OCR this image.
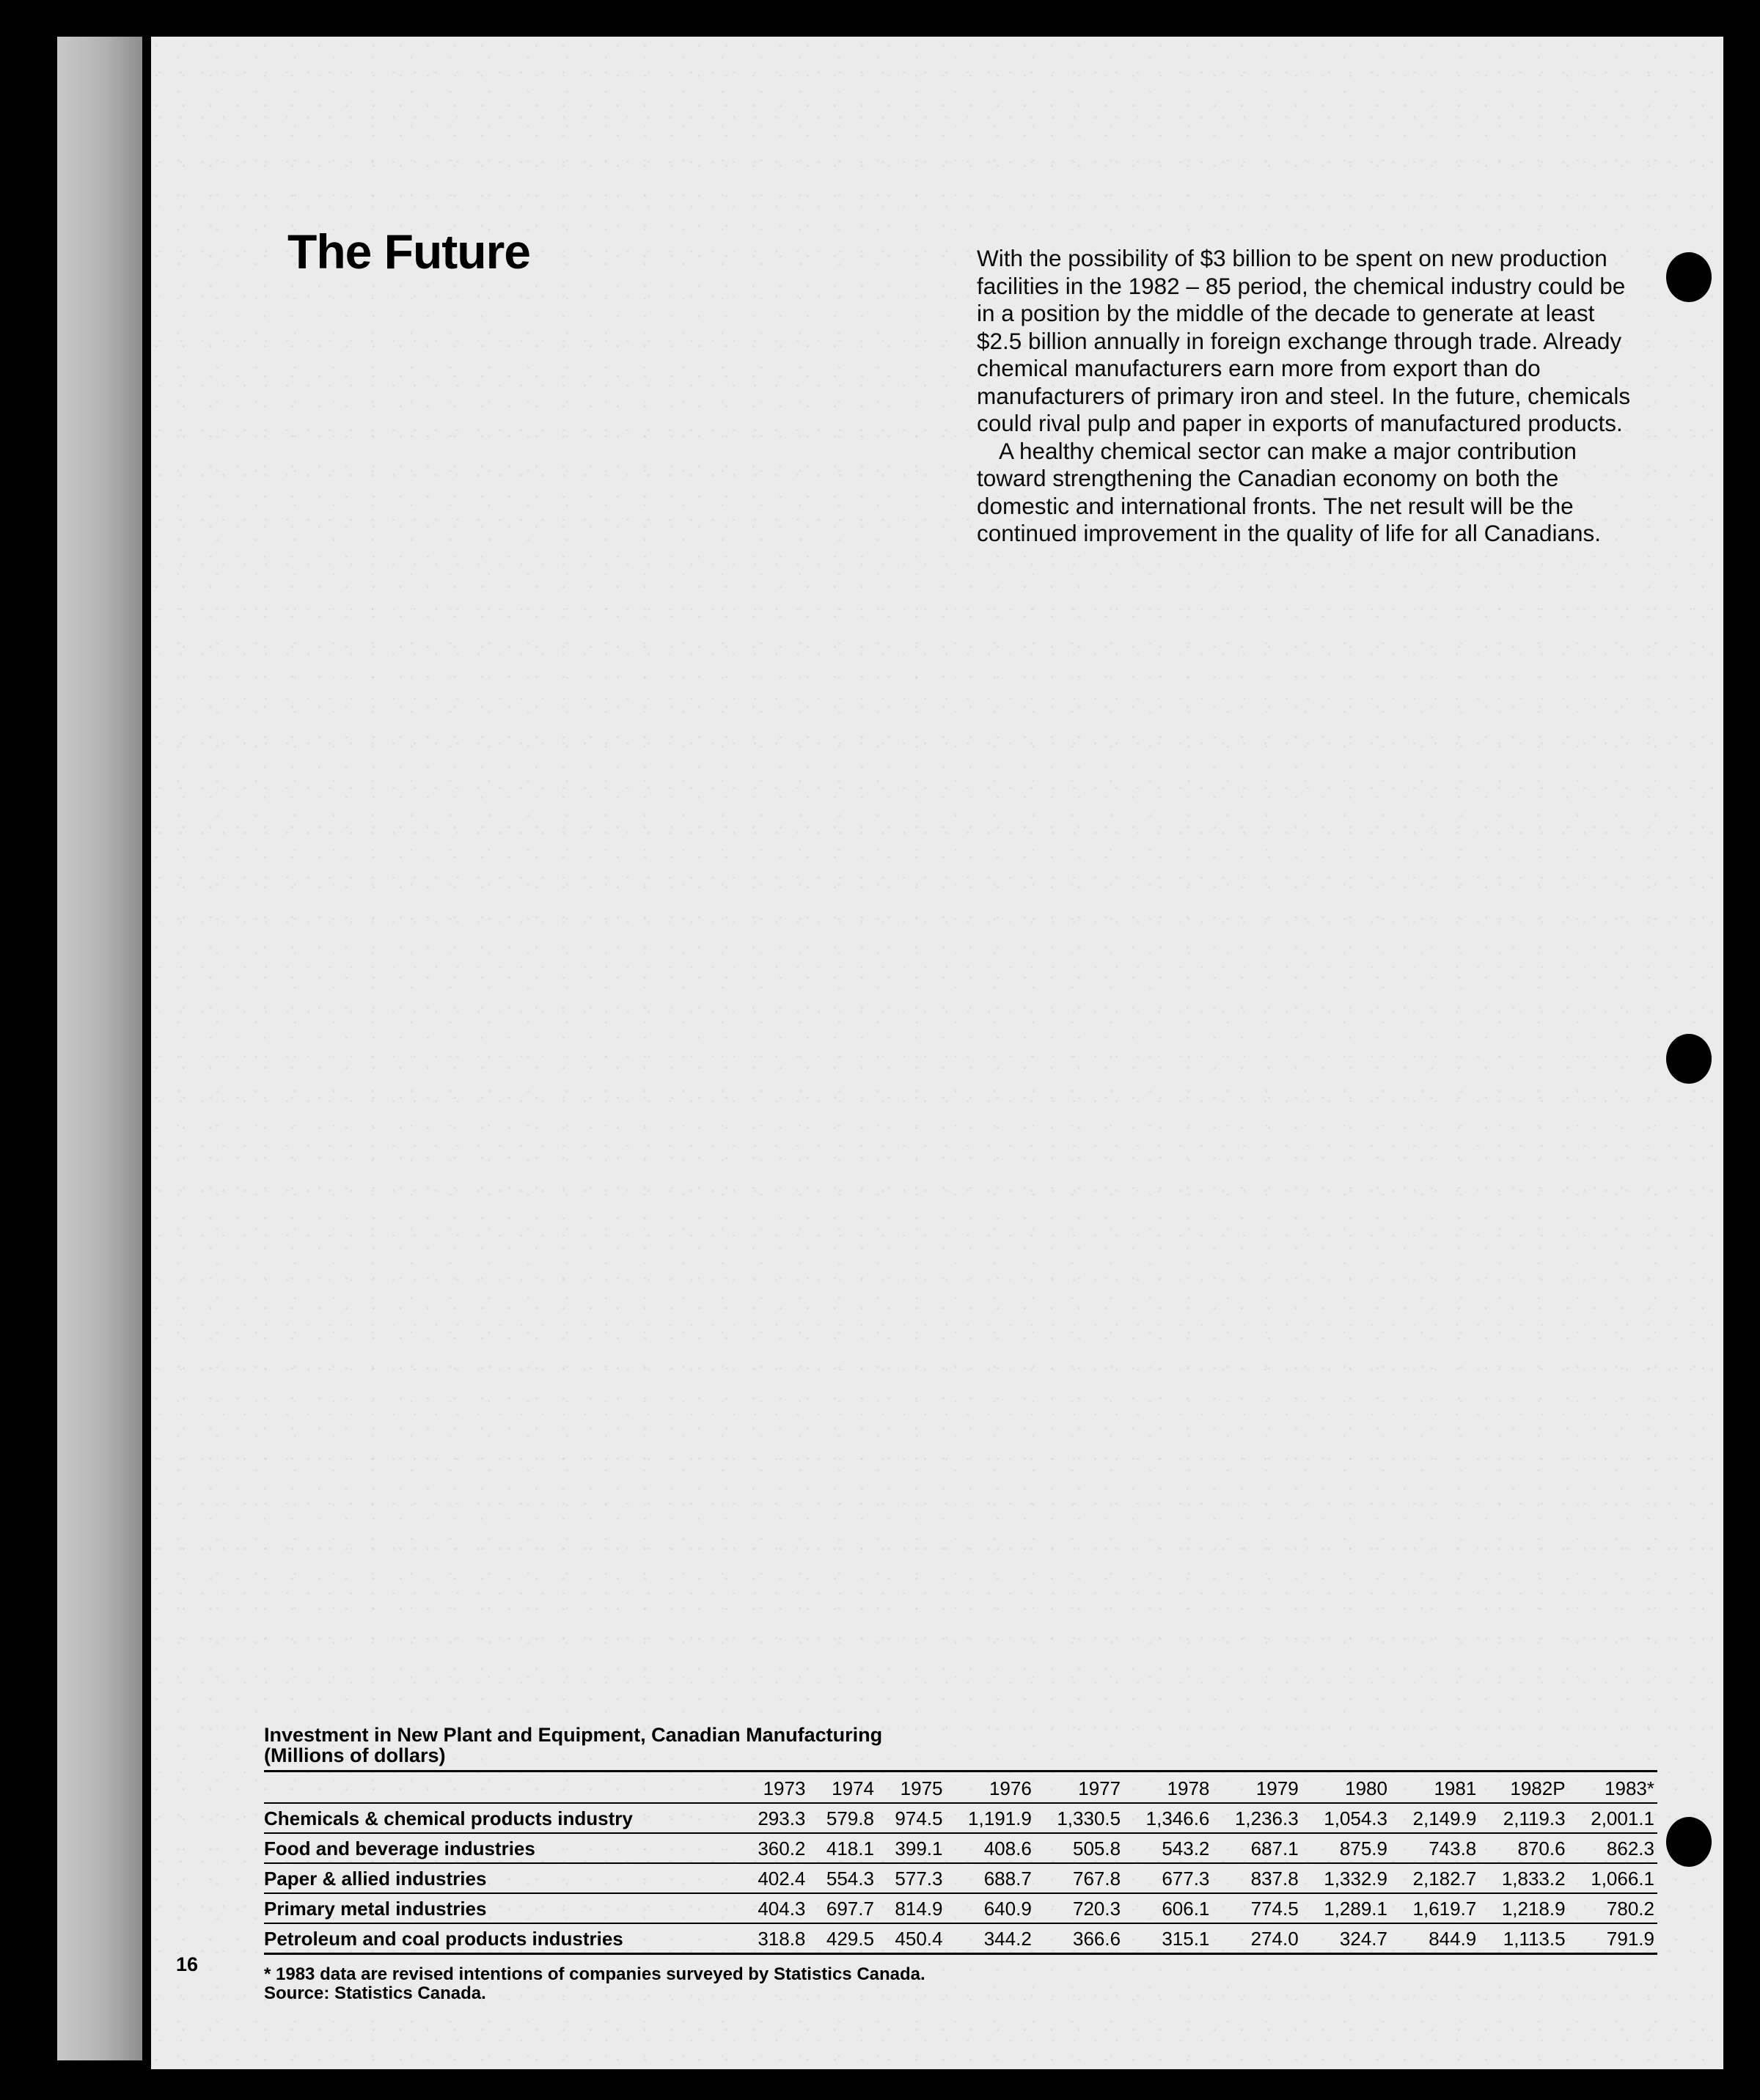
The Future	With the possibility of $3 billion to be spent on new production facilities in the 1982 – 85 period, the chemical industry could be in a position by the middle of the decade to generate at least $2.5 billion annually in foreign exchange through trade. Already chemical manufacturers earn more from export than do manufacturers of primary iron and steel. In the future, chemicals could rival pulp and paper in exports of manufactured products.

A healthy chemical sector can make a major contribution toward strengthening the Canadian economy on both the domestic and international fronts. The net result will be the continued improvement in the quality of life for all Canadians.

Investment in New Plant and Equipment, Canadian Manufacturing
(Millions of dollars)
	1973	1974	1975	1976	1977	1978	1979	1980	1981	1982P	1983*
Chemicals & chemical products industry	293.3	579.8	974.5	1,191.9	1,330.5	1,346.6	1,236.3	1,054.3	2,149.9	2,119.3	2,001.1
Food and beverage industries	360.2	418.1	399.1	408.6	505.8	543.2	687.1	875.9	743.8	870.6	862.3
Paper & allied industries	402.4	554.3	577.3	688.7	767.8	677.3	837.8	1,332.9	2,182.7	1,833.2	1,066.1
Primary metal industries	404.3	697.7	814.9	640.9	720.3	606.1	774.5	1,289.1	1,619.7	1,218.9	780.2
Petroleum and coal products industries	318.8	429.5	450.4	344.2	366.6	315.1	274.0	324.7	844.9	1,113.5	791.9
* 1983 data are revised intentions of companies surveyed by Statistics Canada.
Source: Statistics Canada.
16
